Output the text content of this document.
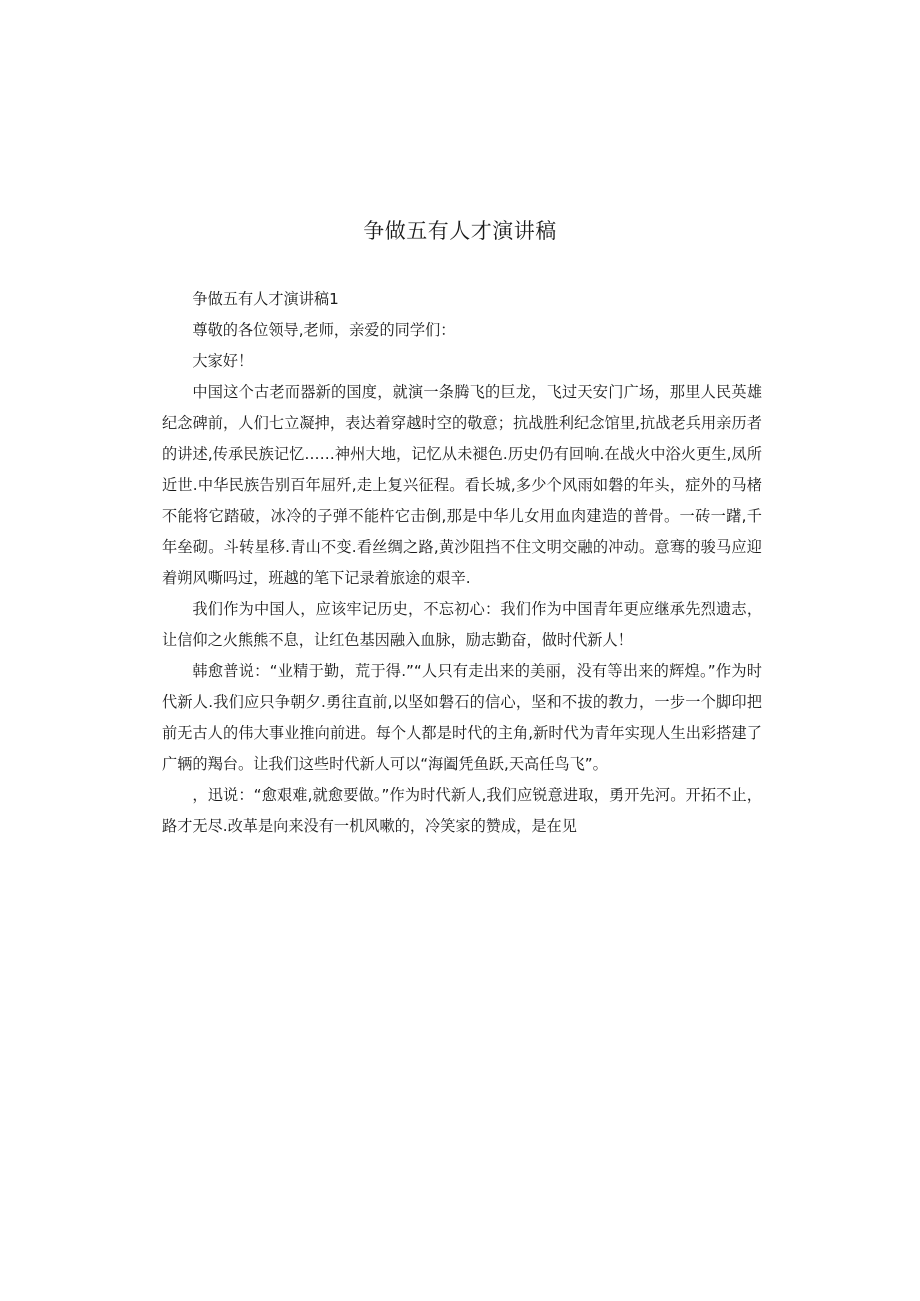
争做五有人才演讲稿

争做五有人才演讲稿1

尊敬的各位领导,老师，亲爱的同学们：

大家好！

中国这个古老而器新的国度，就演一条腾飞的巨龙，飞过天安门广场，那里人民英雄纪念碑前，人们七立凝抻，表达着穿越时空的敬意；抗战胜利纪念馆里,抗战老兵用亲历者的讲述,传承民族记忆……神州大地，记忆从未褪色.历史仍有回响.在战火中浴火更生,凤所近世.中华民族告别百年屈歼,走上复兴征程。看长城,多少个风雨如磐的年头，症外的马楮不能将它踏破，冰冷的子弹不能杵它击倒,那是中华儿女用血肉建造的普骨。一砖一躇,千年垒砌。斗转星移.青山不变.看丝绸之路,黄沙阻挡不住文明交融的冲动。意骞的骏马应迎着朔风嘶吗过，班越的笔下记录着旅途的艰辛.

我们作为中国人，应该牢记历史，不忘初心：我们作为中国青年更应继承先烈遗志，让信仰之火熊熊不息，让红色基因融入血脉，励志勤奋，做时代新人！

韩愈普说：“业精于勤，荒于得.”“人只有走出来的美丽，没有等出来的辉煌。”作为时代新人.我们应只争朝夕.勇往直前,以坚如磐石的信心，坚和不拔的教力，一步一个脚印把前无古人的伟大事业推向前进。每个人都是时代的主角,新时代为青年实现人生出彩搭建了广辆的羯台。让我们这些时代新人可以“海阖凭鱼跃,天高任鸟飞”。

，迅说：“愈艰难,就愈要做。”作为时代新人,我们应锐意进取，勇开先河。开拓不止，路才无尽.改革是向来没有一机风嗽的，冷笑家的赞成，是在见
